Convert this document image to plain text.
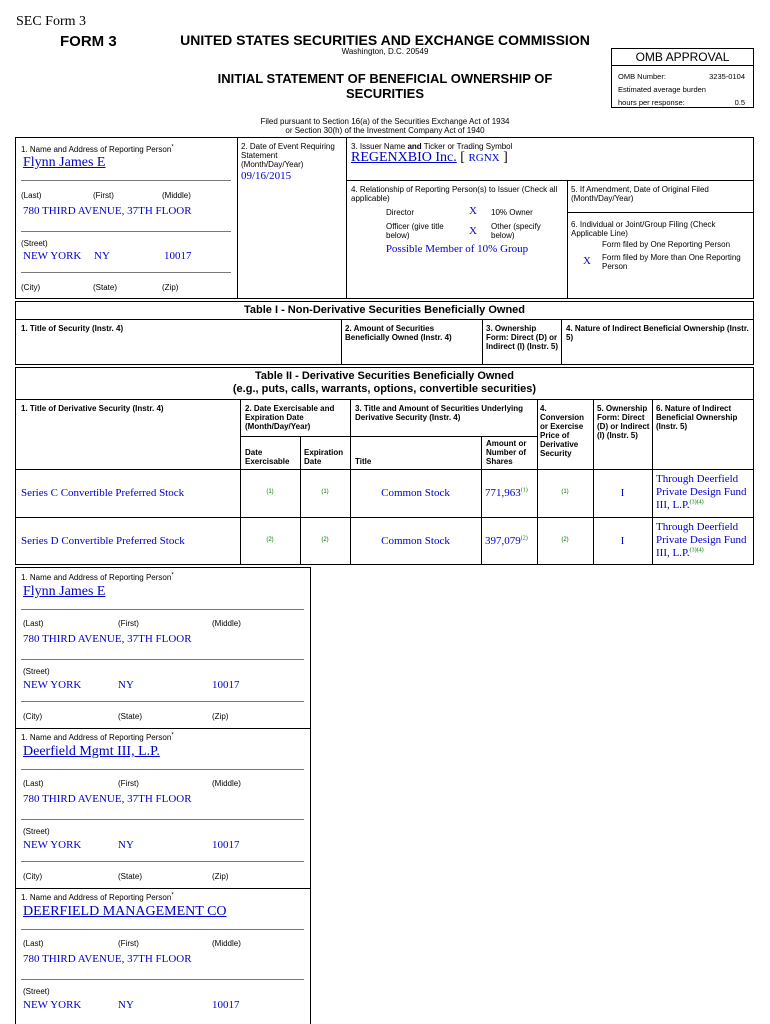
SEC Form 3
FORM 3	UNITED STATES SECURITIES AND EXCHANGE COMMISSION
Washington, D.C. 20549
INITIAL STATEMENT OF BENEFICIAL OWNERSHIP OF
SECURITIES
Filed pursuant to Section 16(a) of the Securities Exchange Act of 1934
or Section 30(h) of the Investment Company Act of 1940
OMB APPROVAL
OMB Number:	3235-0104
Estimated average burden
hours per response:	0.5
1. Name and Address of Reporting Person*
Flynn James E
(Last)	(First)	(Middle)
780 THIRD AVENUE, 37TH FLOOR
(Street)
NEW YORK NY	10017
(City)	(State)	(Zip)
2. Date of Event Requiring Statement (Month/Day/Year)
09/16/2015
3. Issuer Name and Ticker or Trading Symbol
REGENXBIO Inc. [ RGNX ]
4. Relationship of Reporting Person(s) to Issuer (Check all applicable)
Director	X 10% Owner
Officer (give title below)	X Other (specify below)
Possible Member of 10% Group
5. If Amendment, Date of Original Filed (Month/Day/Year)
6. Individual or Joint/Group Filing (Check Applicable Line)
Form filed by One Reporting Person
X Form filed by More than One Reporting Person
Table I - Non-Derivative Securities Beneficially Owned
1. Title of Security (Instr. 4)	2. Amount of Securities Beneficially Owned (Instr. 4)
3. Ownership Form: Direct (D) or Indirect (I) (Instr. 5)
4. Nature of Indirect Beneficial Ownership (Instr. 5)
Table II - Derivative Securities Beneficially Owned
(e.g., puts, calls, warrants, options, convertible securities)
1. Title of Derivative Security (Instr. 4)	2. Date Exercisable and Expiration Date (Month/Day/Year)
3. Title and Amount of Securities Underlying Derivative Security (Instr. 4)
4. Conversion or Exercise Price of Derivative Security
5. Ownership Form: Direct (D) or Indirect (I) (Instr. 5)
6. Nature of Indirect Beneficial Ownership (Instr. 5)
Date Exercisable
Expiration Date	Title
Amount or Number of Shares
Series C Convertible Preferred Stock	(1)	(1)	Common Stock	771,963$^{(1)}$	(1)	I
Through Deerfield Private Design Fund III, L.P.$^{(3)(4)}$
Series D Convertible Preferred Stock	(2)	(2)	Common Stock	397,079$^{(2)}$	(2)	I
Through Deerfield Private Design Fund III, L.P.$^{(3)(4)}$
1. Name and Address of Reporting Person*
Flynn James E
(Last)	(First)	(Middle)
780 THIRD AVENUE, 37TH FLOOR
(Street)
NEW YORK	NY	10017
(City)	(State)	(Zip)
1. Name and Address of Reporting Person*
Deerfield Mgmt III, L.P.
(Last)	(First)	(Middle)
780 THIRD AVENUE, 37TH FLOOR
(Street)
NEW YORK	NY	10017
(City)	(State)	(Zip)
1. Name and Address of Reporting Person*
DEERFIELD MANAGEMENT CO
(Last)	(First)	(Middle)
780 THIRD AVENUE, 37TH FLOOR
(Street)
NEW YORK	NY	10017
